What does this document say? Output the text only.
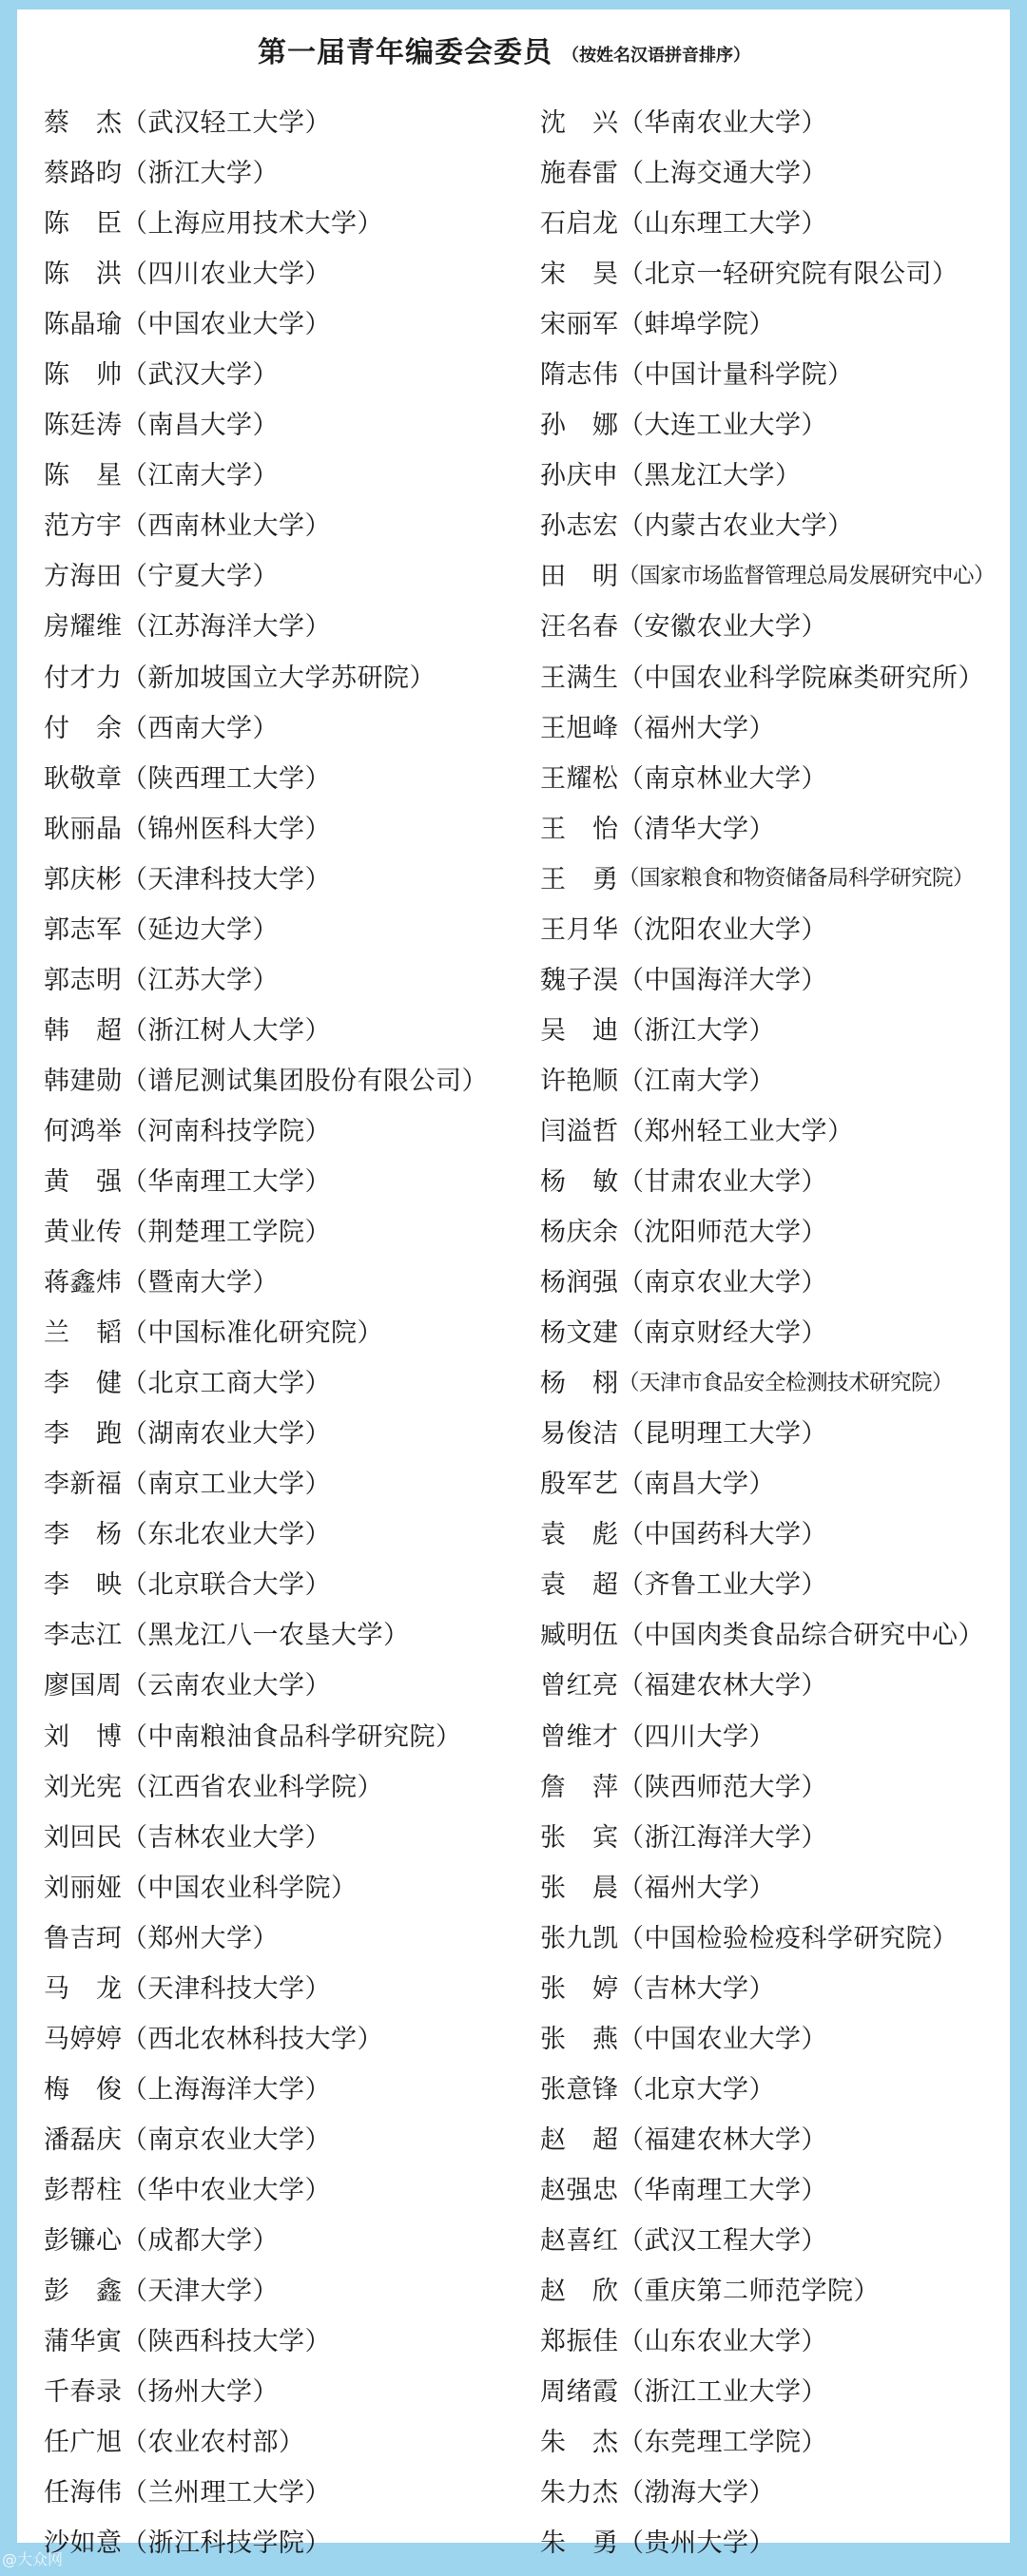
第一届青年编委会委员 （按姓名汉语拼音排序）
蔡　杰 （武汉轻工大学）
蔡路昀 （浙江大学）
陈　臣 （上海应用技术大学）
陈　洪 （四川农业大学）
陈晶瑜 （中国农业大学）
陈　帅 （武汉大学）
陈廷涛 （南昌大学）
陈　星 （江南大学）
范方宇 （西南林业大学）
方海田 （宁夏大学）
房耀维 （江苏海洋大学）
付才力 （新加坡国立大学苏研院）
付　余 （西南大学）
耿敬章 （陕西理工大学）
耿丽晶 （锦州医科大学）
郭庆彬 （天津科技大学）
郭志军 （延边大学）
郭志明 （江苏大学）
韩　超 （浙江树人大学）
韩建勋 （谱尼测试集团股份有限公司）
何鸿举 （河南科技学院）
黄　强 （华南理工大学）
黄业传 （荆楚理工学院）
蒋鑫炜 （暨南大学）
兰　韬 （中国标准化研究院）
李　健 （北京工商大学）
李　跑 （湖南农业大学）
李新福 （南京工业大学）
李　杨 （东北农业大学）
李　映 （北京联合大学）
李志江 （黑龙江八一农垦大学）
廖国周 （云南农业大学）
刘　博 （中南粮油食品科学研究院）
刘光宪 （江西省农业科学院）
刘回民 （吉林农业大学）
刘丽娅 （中国农业科学院）
鲁吉珂 （郑州大学）
马　龙 （天津科技大学）
马婷婷 （西北农林科技大学）
梅　俊 （上海海洋大学）
潘磊庆 （南京农业大学）
彭帮柱 （华中农业大学）
彭镰心 （成都大学）
彭　鑫 （天津大学）
蒲华寅 （陕西科技大学）
千春录 （扬州大学）
任广旭 （农业农村部）
任海伟 （兰州理工大学）
沙如意 （浙江科技学院）
沈　兴 （华南农业大学）
施春雷 （上海交通大学）
石启龙 （山东理工大学）
宋　昊 （北京一轻研究院有限公司）
宋丽军 （蚌埠学院）
隋志伟 （中国计量科学院）
孙　娜 （大连工业大学）
孙庆申 （黑龙江大学）
孙志宏 （内蒙古农业大学）
田　明 （国家市场监督管理总局发展研究中心）
汪名春 （安徽农业大学）
王满生 （中国农业科学院麻类研究所）
王旭峰 （福州大学）
王耀松 （南京林业大学）
王　怡 （清华大学）
王　勇 （国家粮食和物资储备局科学研究院）
王月华 （沈阳农业大学）
魏子淏 （中国海洋大学）
吴　迪 （浙江大学）
许艳顺 （江南大学）
闫溢哲 （郑州轻工业大学）
杨　敏 （甘肃农业大学）
杨庆余 （沈阳师范大学）
杨润强 （南京农业大学）
杨文建 （南京财经大学）
杨　栩 （天津市食品安全检测技术研究院）
易俊洁 （昆明理工大学）
殷军艺 （南昌大学）
袁　彪 （中国药科大学）
袁　超 （齐鲁工业大学）
臧明伍 （中国肉类食品综合研究中心）
曾红亮 （福建农林大学）
曾维才 （四川大学）
詹　萍 （陕西师范大学）
张　宾 （浙江海洋大学）
张　晨 （福州大学）
张九凯 （中国检验检疫科学研究院）
张　婷 （吉林大学）
张　燕 （中国农业大学）
张意锋 （北京大学）
赵　超 （福建农林大学）
赵强忠 （华南理工大学）
赵喜红 （武汉工程大学）
赵　欣 （重庆第二师范学院）
郑振佳 （山东农业大学）
周绪霞 （浙江工业大学）
朱　杰 （东莞理工学院）
朱力杰 （渤海大学）
朱　勇 （贵州大学）
@大众网
